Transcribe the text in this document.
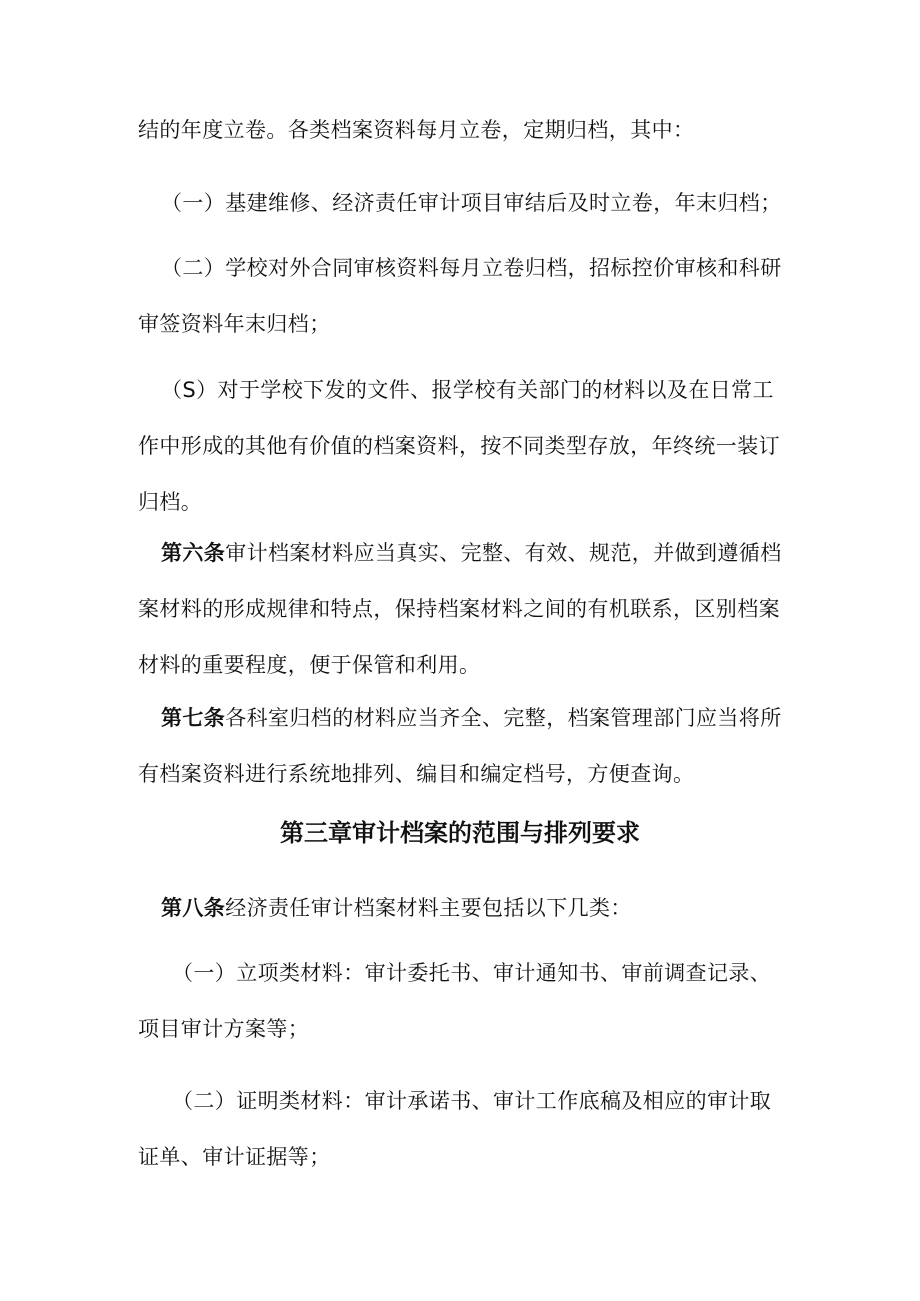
结的年度立卷。各类档案资料每月立卷，定期归档，其中：
（一）基建维修、经济责任审计项目审结后及时立卷，年末归档；
（二）学校对外合同审核资料每月立卷归档，招标控价审核和科研审签资料年末归档；
（S）对于学校下发的文件、报学校有关部门的材料以及在日常工作中形成的其他有价值的档案资料，按不同类型存放，年终统一装订归档。
第六条审计档案材料应当真实、完整、有效、规范，并做到遵循档案材料的形成规律和特点，保持档案材料之间的有机联系，区别档案材料的重要程度，便于保管和利用。
第七条各科室归档的材料应当齐全、完整，档案管理部门应当将所有档案资料进行系统地排列、编目和编定档号，方便查询。
第三章审计档案的范围与排列要求
第八条经济责任审计档案材料主要包括以下几类：
（一）立项类材料：审计委托书、审计通知书、审前调查记录、项目审计方案等；
（二）证明类材料：审计承诺书、审计工作底稿及相应的审计取证单、审计证据等；
